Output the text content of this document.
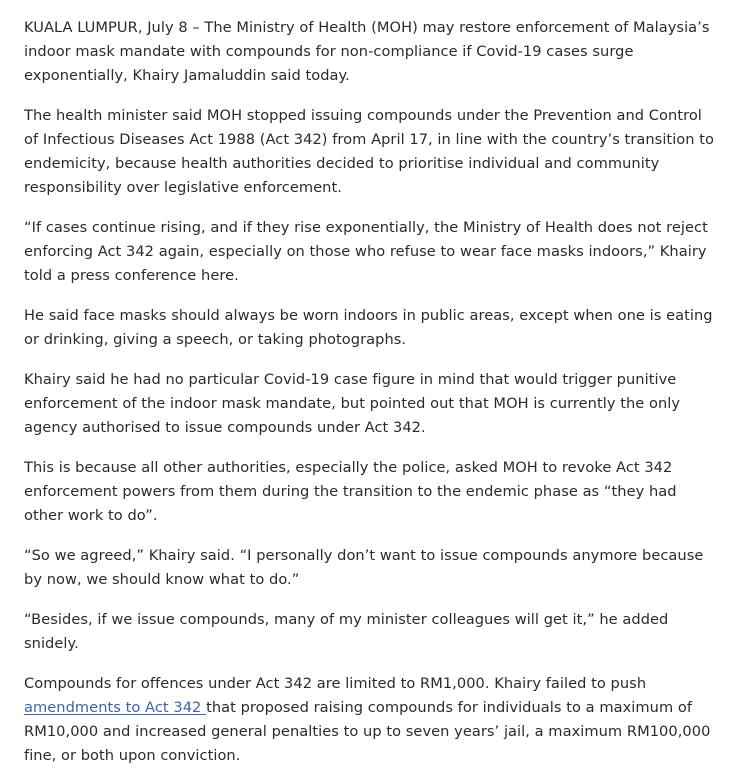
KUALA LUMPUR, July 8 – The Ministry of Health (MOH) may restore enforcement of Malaysia’s indoor mask mandate with compounds for non-compliance if Covid-19 cases surge exponentially, Khairy Jamaluddin said today.

The health minister said MOH stopped issuing compounds under the Prevention and Control of Infectious Diseases Act 1988 (Act 342) from April 17, in line with the country’s transition to endemicity, because health authorities decided to prioritise individual and community responsibility over legislative enforcement.

“If cases continue rising, and if they rise exponentially, the Ministry of Health does not reject enforcing Act 342 again, especially on those who refuse to wear face masks indoors,” Khairy told a press conference here.

He said face masks should always be worn indoors in public areas, except when one is eating or drinking, giving a speech, or taking photographs.

Khairy said he had no particular Covid-19 case figure in mind that would trigger punitive enforcement of the indoor mask mandate, but pointed out that MOH is currently the only agency authorised to issue compounds under Act 342.

This is because all other authorities, especially the police, asked MOH to revoke Act 342 enforcement powers from them during the transition to the endemic phase as “they had other work to do”.

“So we agreed,” Khairy said. “I personally don’t want to issue compounds anymore because by now, we should know what to do.”

“Besides, if we issue compounds, many of my minister colleagues will get it,” he added snidely.

Compounds for offences under Act 342 are limited to RM1,000. Khairy failed to push amendments to Act 342 that proposed raising compounds for individuals to a maximum of RM10,000 and increased general penalties to up to seven years’ jail, a maximum RM100,000 fine, or both upon conviction.
